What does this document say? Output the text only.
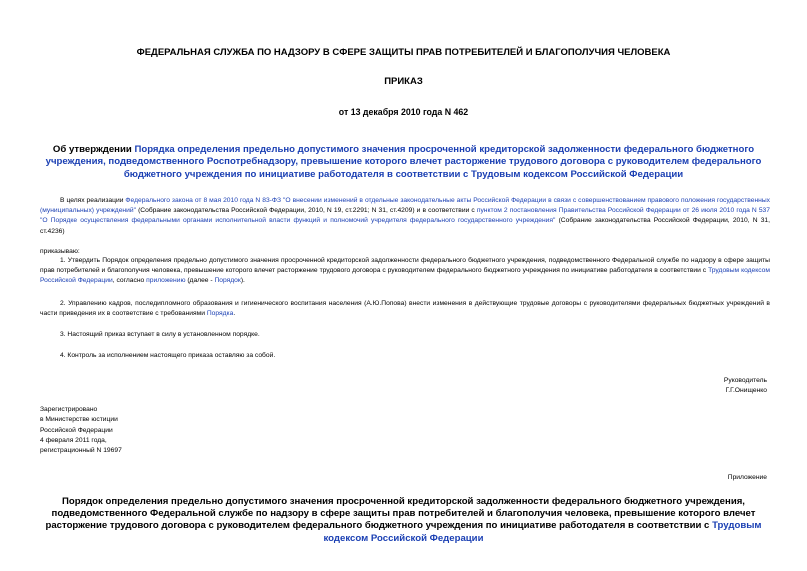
ФЕДЕРАЛЬНАЯ СЛУЖБА ПО НАДЗОРУ В СФЕРЕ ЗАЩИТЫ ПРАВ ПОТРЕБИТЕЛЕЙ И БЛАГОПОЛУЧИЯ ЧЕЛОВЕКА
ПРИКАЗ
от 13 декабря 2010 года N 462
Об утверждении Порядка определения предельно допустимого значения просроченной кредиторской задолженности федерального бюджетного учреждения, подведомственного Роспотребнадзору, превышение которого влечет расторжение трудового договора с руководителем федерального бюджетного учреждения по инициативе работодателя в соответствии с Трудовым кодексом Российской Федерации
В целях реализации Федерального закона от 8 мая 2010 года N 83-ФЗ "О внесении изменений в отдельные законодательные акты Российской Федерации в связи с совершенствованием правового положения государственных (муниципальных) учреждений" (Собрание законодательства Российской Федерации, 2010, N 19, ст.2291; N 31, ст.4209) и в соответствии с пунктом 2 постановления Правительства Российской Федерации от 26 июля 2010 года N 537 "О Порядке осуществления федеральными органами исполнительной власти функций и полномочий учредителя федерального государственного учреждения" (Собрание законодательства Российской Федерации, 2010, N 31, ст.4236)
приказываю:
1. Утвердить Порядок определения предельно допустимого значения просроченной кредиторской задолженности федерального бюджетного учреждения, подведомственного Федеральной службе по надзору в сфере защиты прав потребителей и благополучия человека, превышение которого влечет расторжение трудового договора с руководителем федерального бюджетного учреждения по инициативе работодателя в соответствии с Трудовым кодексом Российской Федерации, согласно приложению (далее - Порядок).
2. Управлению кадров, последипломного образования и гигиенического воспитания населения (А.Ю.Попова) внести изменения в действующие трудовые договоры с руководителями федеральных бюджетных учреждений в части приведения их в соответствие с требованиями Порядка.
3. Настоящий приказ вступает в силу в установленном порядке.
4. Контроль за исполнением настоящего приказа оставляю за собой.
Руководитель
Г.Г.Онищенко
Зарегистрировано
в Министерстве юстиции
Российской Федерации
4 февраля 2011 года,
регистрационный N 19697
Приложение
Порядок определения предельно допустимого значения просроченной кредиторской задолженности федерального бюджетного учреждения, подведомственного Федеральной службе по надзору в сфере защиты прав потребителей и благополучия человека, превышение которого влечет расторжение трудового договора с руководителем федерального бюджетного учреждения по инициативе работодателя в соответствии с Трудовым кодексом Российской Федерации
